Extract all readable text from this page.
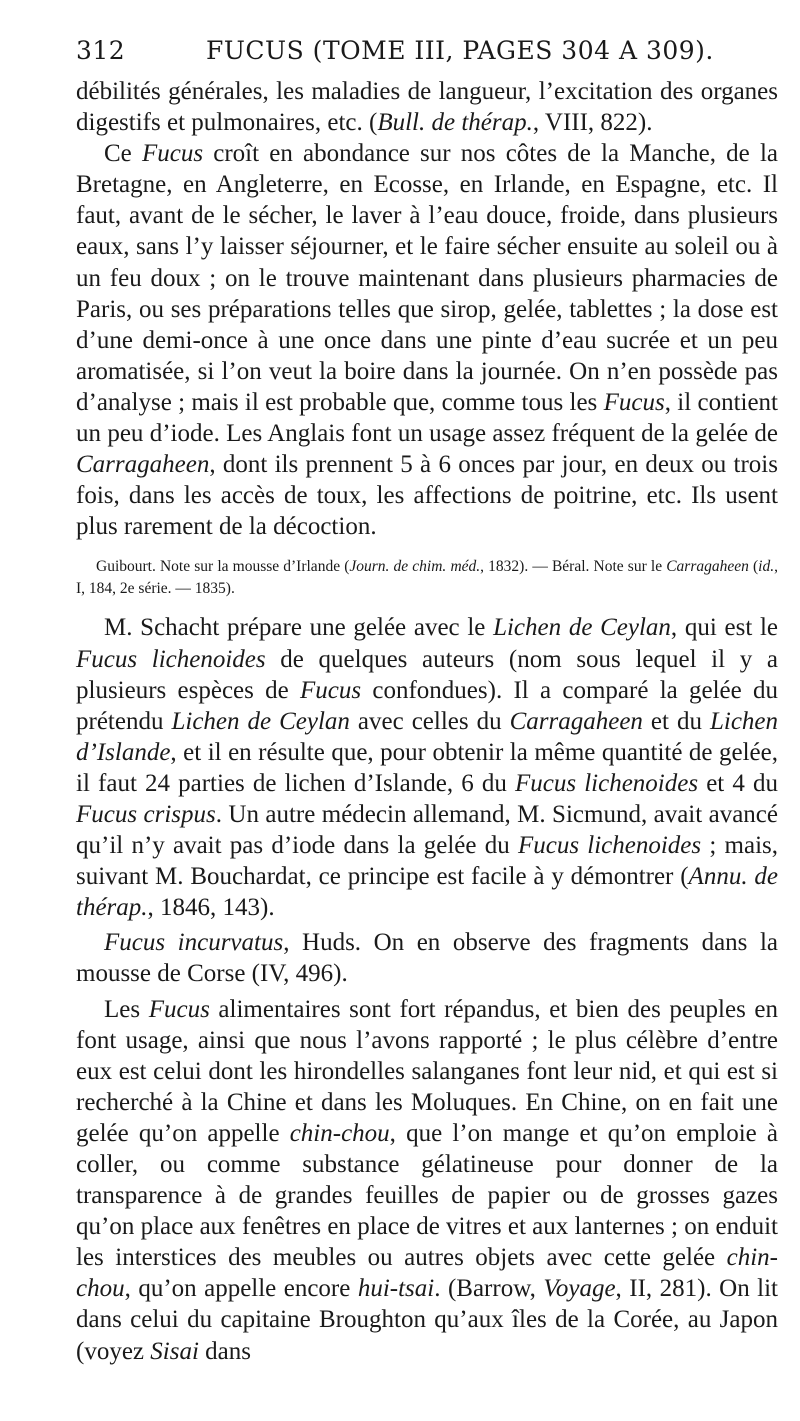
312	FUCUS (TOME III, PAGES 304 A 309).

débilités générales, les maladies de langueur, l’excitation des organes digestifs et pulmonaires, etc. (Bull. de thérap., VIII, 822).

Ce Fucus croît en abondance sur nos côtes de la Manche, de la Bretagne, en Angleterre, en Ecosse, en Irlande, en Espagne, etc. Il faut, avant de le sécher, le laver à l’eau douce, froide, dans plusieurs eaux, sans l’y laisser séjourner, et le faire sécher ensuite au soleil ou à un feu doux ; on le trouve maintenant dans plusieurs pharmacies de Paris, ou ses préparations telles que sirop, gelée, tablettes ; la dose est d’une demi-once à une once dans une pinte d’eau sucrée et un peu aromatisée, si l’on veut la boire dans la journée. On n’en possède pas d’analyse ; mais il est probable que, comme tous les Fucus, il contient un peu d’iode. Les Anglais font un usage assez fréquent de la gelée de Carragaheen, dont ils prennent 5 à 6 onces par jour, en deux ou trois fois, dans les accès de toux, les affections de poitrine, etc. Ils usent plus rarement de la décoction.

Guibourt. Note sur la mousse d’Irlande (Journ. de chim. méd., 1832). — Béral. Note sur le Carragaheen (id., I, 184, 2e série. — 1835).

M. Schacht prépare une gelée avec le Lichen de Ceylan, qui est le Fucus lichenoides de quelques auteurs (nom sous lequel il y a plusieurs espèces de Fucus confondues). Il a comparé la gelée du prétendu Lichen de Ceylan avec celles du Carragaheen et du Lichen d’Islande, et il en résulte que, pour obtenir la même quantité de gelée, il faut 24 parties de lichen d’Islande, 6 du Fucus lichenoides et 4 du Fucus crispus. Un autre médecin allemand, M. Sicmund, avait avancé qu’il n’y avait pas d’iode dans la gelée du Fucus lichenoides ; mais, suivant M. Bouchardat, ce principe est facile à y démontrer (Annu. de thérap., 1846, 143).

Fucus incurvatus, Huds. On en observe des fragments dans la mousse de Corse (IV, 496).

Les Fucus alimentaires sont fort répandus, et bien des peuples en font usage, ainsi que nous l’avons rapporté ; le plus célèbre d’entre eux est celui dont les hirondelles salanganes font leur nid, et qui est si recherché à la Chine et dans les Moluques. En Chine, on en fait une gelée qu’on appelle chin-chou, que l’on mange et qu’on emploie à coller, ou comme substance gélatineuse pour donner de la transparence à de grandes feuilles de papier ou de grosses gazes qu’on place aux fenêtres en place de vitres et aux lanternes ; on enduit les interstices des meubles ou autres objets avec cette gelée chin-chou, qu’on appelle encore hui-tsai. (Barrow, Voyage, II, 281). On lit dans celui du capitaine Broughton qu’aux îles de la Corée, au Japon (voyez Sisai dans
